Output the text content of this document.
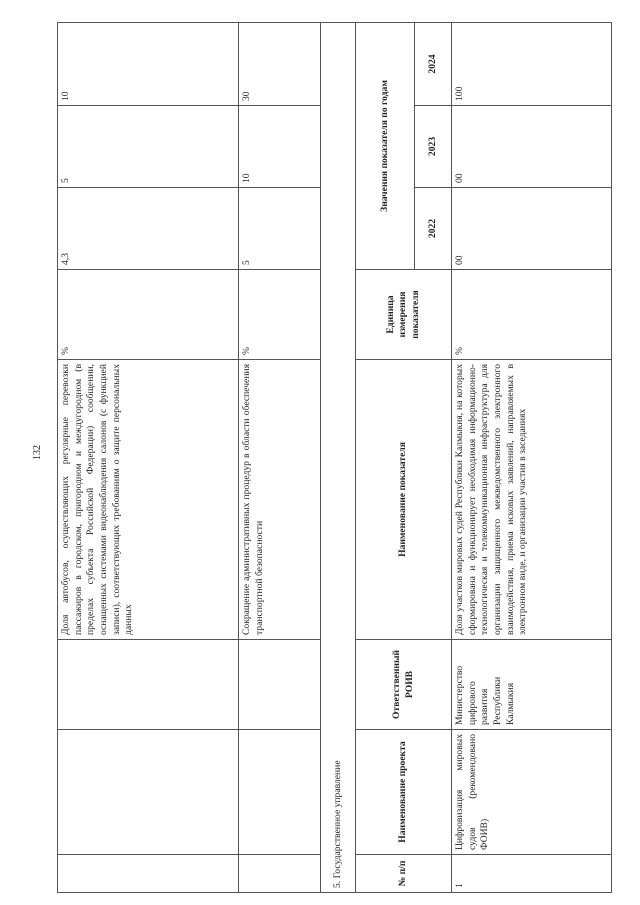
132
			Доля автобусов, осуществляющих регулярные перевозки пассажиров в городском, пригородном и междугородном (в пределах субъекта Российской Федерации) сообщении, оснащенных системами видеонаблюдения салонов (с функцией записи), соответствующих требованиям о защите персональных данных	%	4,3	5	10
			Сокращение административных процедур в области обеспечения транспортной безопасности	%	5	10	30
5. Государственное управление							
№ п/п	Наименование проекта	Ответственный РОИВ	Наименование показателя	Единица измерения показателя	Значения показателя по годам		
					2022	2023	2024
1	Цифровизация мировых судов (рекомендовано ФОИВ)	Министерство цифрового развития Республики Калмыкия	Доля участков мировых судей Республики Калмыкия, на которых сформирована и функционирует необходимая информационно-технологическая и телекоммуникационная инфраструктура для организации защищенного межведомственного электронного взаимодействия, приема исковых заявлений, направляемых в электронном виде, и организации участия в заседаниях	%	00	00	100
